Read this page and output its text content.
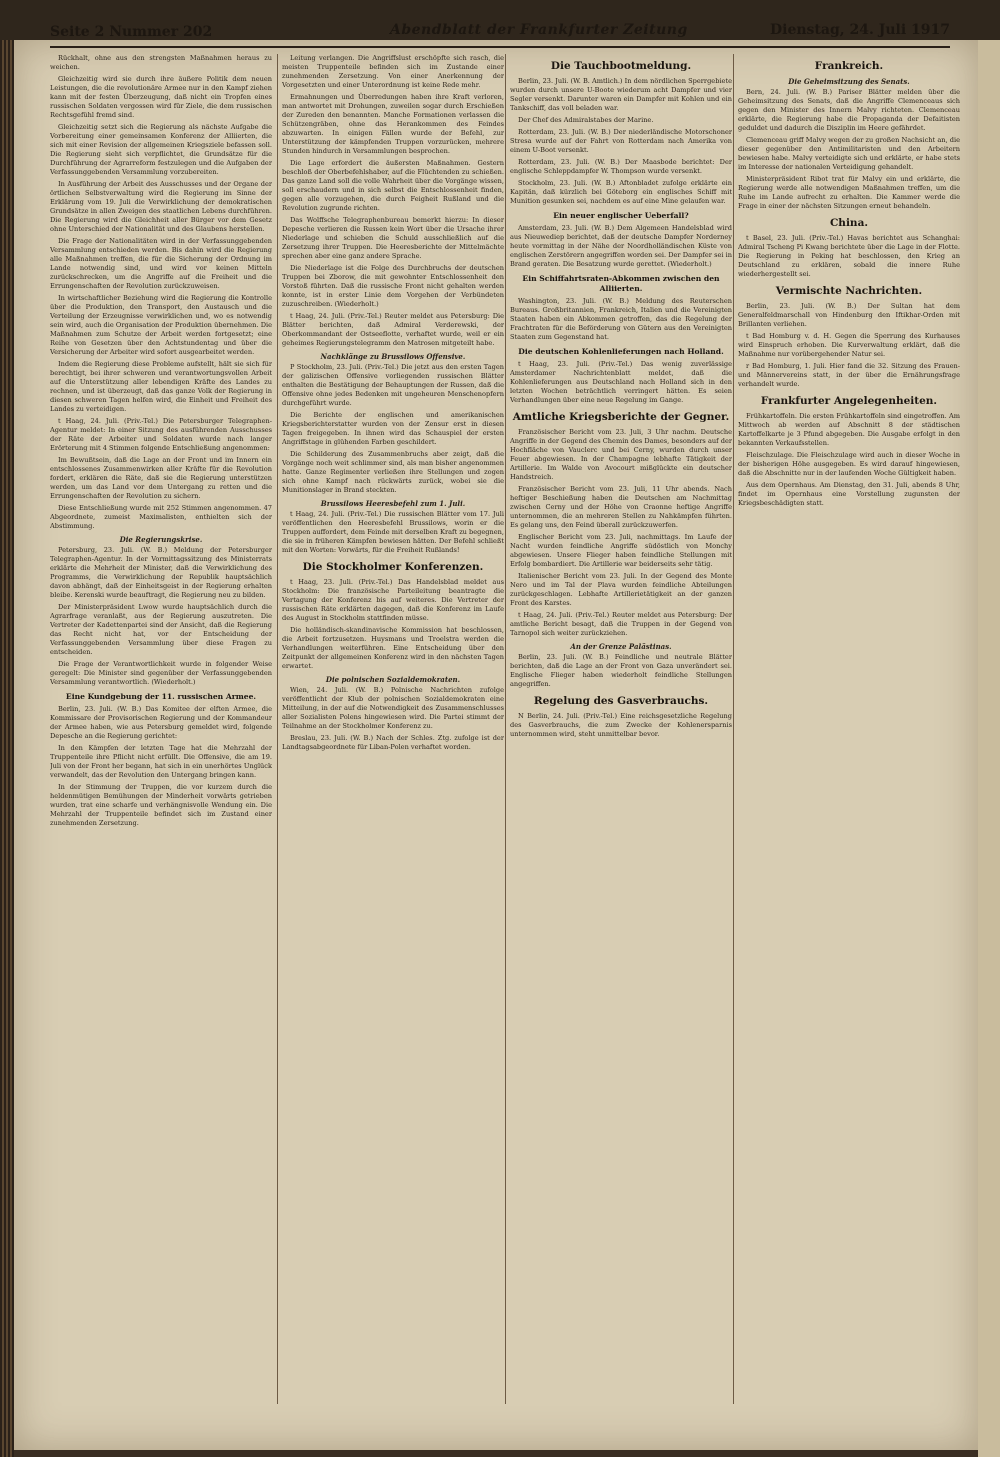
Seite 2 Nummer 202	Abendblatt der Frankfurter Zeitung	Dienstag, 24. Juli 1917

Rückhalt, ohne aus den strengsten Maßnahmen heraus zu weichen.

Gleichzeitig wird sie durch ihre äußere Politik dem neuen Leistungen, die die revolutionäre Armee nur in den Kampf ziehen kann mit der festen Überzeugung, daß nicht ein Tropfen eines russischen Soldaten vergossen wird für Ziele, die dem russischen Rechtsgefühl fremd sind.

Gleichzeitig setzt sich die Regierung als nächste Aufgabe die Vorbereitung einer gemeinsamen Konferenz der Alliierten, die sich mit einer Revision der allgemeinen Kriegsziele befassen soll. Die Regierung sieht sich verpflichtet, die Grundsätze für die Durchführung der Agrarreform festzulegen und die Aufgaben der Verfassunggebenden Versammlung vorzubereiten.

In Ausführung der Arbeit des Ausschusses und der Organe der örtlichen Selbstverwaltung wird die Regierung im Sinne der Erklärung vom 19. Juli die Verwirklichung der demokratischen Grundsätze in allen Zweigen des staatlichen Lebens durchführen. Die Regierung wird die Gleichheit aller Bürger vor dem Gesetz ohne Unterschied der Nationalität und des Glaubens herstellen.

Die Frage der Nationalitäten wird in der Verfassunggebenden Versammlung entschieden werden. Bis dahin wird die Regierung alle Maßnahmen treffen, die für die Sicherung der Ordnung im Lande notwendig sind, und wird vor keinen Mitteln zurückschrecken, um die Angriffe auf die Freiheit und die Errungenschaften der Revolution zurückzuweisen.

In wirtschaftlicher Beziehung wird die Regierung die Kontrolle über die Produktion, den Transport, den Austausch und die Verteilung der Erzeugnisse verwirklichen und, wo es notwendig sein wird, auch die Organisation der Produktion übernehmen. Die Maßnahmen zum Schutze der Arbeit werden fortgesetzt; eine Reihe von Gesetzen über den Achtstundentag und über die Versicherung der Arbeiter wird sofort ausgearbeitet werden.

Indem die Regierung diese Probleme aufstellt, hält sie sich für berechtigt, bei ihrer schweren und verantwortungsvollen Arbeit auf die Unterstützung aller lebendigen Kräfte des Landes zu rechnen, und ist überzeugt, daß das ganze Volk der Regierung in diesen schweren Tagen helfen wird, die Einheit und Freiheit des Landes zu verteidigen.

t Haag, 24. Juli. (Priv.-Tel.) Die Petersburger Telegraphen-Agentur meldet: In einer Sitzung des ausführenden Ausschusses der Räte der Arbeiter und Soldaten wurde nach langer Erörterung mit 4 Stimmen folgende Entschließung angenommen:

Im Bewußtsein, daß die Lage an der Front und im Innern ein entschlossenes Zusammenwirken aller Kräfte für die Revolution fordert, erklären die Räte, daß sie die Regierung unterstützen werden, um das Land vor dem Untergang zu retten und die Errungenschaften der Revolution zu sichern.

Diese Entschließung wurde mit 252 Stimmen angenommen. 47 Abgeordnete, zumeist Maximalisten, enthielten sich der Abstimmung.

Die Regierungskrise.

Petersburg, 23. Juli. (W. B.) Meldung der Petersburger Telegraphen-Agentur. In der Vormittagssitzung des Ministerrats erklärte die Mehrheit der Minister, daß die Verwirklichung des Programms, die Verwirklichung der Republik hauptsächlich davon abhängt, daß der Einheitsgeist in der Regierung erhalten bleibe. Kerenski wurde beauftragt, die Regierung neu zu bilden.

Der Ministerpräsident Lwow wurde hauptsächlich durch die Agrarfrage veranlaßt, aus der Regierung auszutreten. Die Vertreter der Kadettenpartei sind der Ansicht, daß die Regierung das Recht nicht hat, vor der Entscheidung der Verfassunggebenden Versammlung über diese Fragen zu entscheiden.

Die Frage der Verantwortlichkeit wurde in folgender Weise geregelt: Die Minister sind gegenüber der Verfassunggebenden Versammlung verantwortlich. (Wiederholt.)

Eine Kundgebung der 11. russischen Armee.

Berlin, 23. Juli. (W. B.) Das Komitee der elften Armee, die Kommissare der Provisorischen Regierung und der Kommandeur der Armee haben, wie aus Petersburg gemeldet wird, folgende Depesche an die Regierung gerichtet:

In den Kämpfen der letzten Tage hat die Mehrzahl der Truppenteile ihre Pflicht nicht erfüllt. Die Offensive, die am 19. Juli von der Front her begann, hat sich in ein unerhörtes Unglück verwandelt, das der Revolution den Untergang bringen kann.

In der Stimmung der Truppen, die vor kurzem durch die heldenmütigen Bemühungen der Minderheit vorwärts getrieben wurden, trat eine scharfe und verhängnisvolle Wendung ein. Die Mehrzahl der Truppenteile befindet sich im Zustand einer zunehmenden Zersetzung.

Leitung verlangen. Die Angriffslust erschöpfte sich rasch, die meisten Truppenteile befinden sich im Zustande einer zunehmenden Zersetzung. Von einer Anerkennung der Vorgesetzten und einer Unterordnung ist keine Rede mehr.

Ermahnungen und Überredungen haben ihre Kraft verloren, man antwortet mit Drohungen, zuweilen sogar durch Erschießen der Zureden den benannten. Manche Formationen verlassen die Schützengräben, ohne das Herankommen des Feindes abzuwarten. In einigen Fällen wurde der Befehl, zur Unterstützung der kämpfenden Truppen vorzurücken, mehrere Stunden hindurch in Versammlungen besprochen.

Die Lage erfordert die äußersten Maßnahmen. Gestern beschloß der Oberbefehlshaber, auf die Flüchtenden zu schießen. Das ganze Land soll die volle Wahrheit über die Vorgänge wissen, soll erschaudern und in sich selbst die Entschlossenheit finden, gegen alle vorzugehen, die durch Feigheit Rußland und die Revolution zugrunde richten.

Das Wolffsche Telegraphenbureau bemerkt hierzu: In dieser Depesche verlieren die Russen kein Wort über die Ursache ihrer Niederlage und schieben die Schuld ausschließlich auf die Zersetzung ihrer Truppen. Die Heeresberichte der Mittelmächte sprechen aber eine ganz andere Sprache.

Die Niederlage ist die Folge des Durchbruchs der deutschen Truppen bei Zborow, die mit gewohnter Entschlossenheit den Vorstoß führten. Daß die russische Front nicht gehalten werden konnte, ist in erster Linie dem Vorgehen der Verbündeten zuzuschreiben. (Wiederholt.)

t Haag, 24. Juli. (Priv.-Tel.) Reuter meldet aus Petersburg: Die Blätter berichten, daß Admiral Verderewski, der Oberkommandant der Ostseeflotte, verhaftet wurde, weil er ein geheimes Regierungstelegramm den Matrosen mitgeteilt habe.

Nachklänge zu Brussilows Offensive.

P Stockholm, 23. Juli. (Priv.-Tel.) Die jetzt aus den ersten Tagen der galizischen Offensive vorliegenden russischen Blätter enthalten die Bestätigung der Behauptungen der Russen, daß die Offensive ohne jedes Bedenken mit ungeheuren Menschenopfern durchgeführt wurde.

Die Berichte der englischen und amerikanischen Kriegsberichterstatter wurden von der Zensur erst in diesen Tagen freigegeben. In ihnen wird das Schauspiel der ersten Angriffstage in glühenden Farben geschildert.

Die Schilderung des Zusammenbruchs aber zeigt, daß die Vorgänge noch weit schlimmer sind, als man bisher angenommen hatte. Ganze Regimenter verließen ihre Stellungen und zogen sich ohne Kampf nach rückwärts zurück, wobei sie die Munitionslager in Brand steckten.

Brussilows Heeresbefehl zum 1. Juli.

t Haag, 24. Juli. (Priv.-Tel.) Die russischen Blätter vom 17. Juli veröffentlichen den Heeresbefehl Brussilows, worin er die Truppen auffordert, dem Feinde mit derselben Kraft zu begegnen, die sie in früheren Kämpfen bewiesen hätten. Der Befehl schließt mit den Worten: Vorwärts, für die Freiheit Rußlands!

Die Stockholmer Konferenzen.

t Haag, 23. Juli. (Priv.-Tel.) Das Handelsblad meldet aus Stockholm: Die französische Parteileitung beantragte die Vertagung der Konferenz bis auf weiteres. Die Vertreter der russischen Räte erklärten dagegen, daß die Konferenz im Laufe des August in Stockholm stattfinden müsse.

Die holländisch-skandinavische Kommission hat beschlossen, die Arbeit fortzusetzen. Huysmans und Troelstra werden die Verhandlungen weiterführen. Eine Entscheidung über den Zeitpunkt der allgemeinen Konferenz wird in den nächsten Tagen erwartet.

Die polnischen Sozialdemokraten.

Wien, 24. Juli. (W. B.) Polnische Nachrichten zufolge veröffentlicht der Klub der polnischen Sozialdemokraten eine Mitteilung, in der auf die Notwendigkeit des Zusammenschlusses aller Sozialisten Polens hingewiesen wird. Die Partei stimmt der Teilnahme an der Stockholmer Konferenz zu.

Breslau, 23. Juli. (W. B.) Nach der Schles. Ztg. zufolge ist der Landtagsabgeordnete für Liban-Polen verhaftet worden.

Die Tauchbootmeldung.

Berlin, 23. Juli. (W. B. Amtlich.) In dem nördlichen Sperrgebiete wurden durch unsere U-Boote wiederum acht Dampfer und vier Segler versenkt. Darunter waren ein Dampfer mit Kohlen und ein Tankschiff, das voll beladen war.

Der Chef des Admiralstabes der Marine.

Rotterdam, 23. Juli. (W. B.) Der niederländische Motorschoner Stresa wurde auf der Fahrt von Rotterdam nach Amerika von einem U-Boot versenkt.

Rotterdam, 23. Juli. (W. B.) Der Maasbode berichtet: Der englische Schleppdampfer W. Thompson wurde versenkt.

Stockholm, 23. Juli. (W. B.) Aftonbladet zufolge erklärte ein Kapitän, daß kürzlich bei Göteborg ein englisches Schiff mit Munition gesunken sei, nachdem es auf eine Mine gelaufen war.

Ein neuer englischer Ueberfall?

Amsterdam, 23. Juli. (W. B.) Dem Algemeen Handelsblad wird aus Nieuwediep berichtet, daß der deutsche Dampfer Norderney heute vormittag in der Nähe der Noordholländischen Küste von englischen Zerstörern angegriffen worden sei. Der Dampfer sei in Brand geraten. Die Besatzung wurde gerettet. (Wiederholt.)

Ein Schiffahrtsraten-Abkommen zwischen den Alliierten.

Washington, 23. Juli. (W. B.) Meldung des Reuterschen Bureaus. Großbritannien, Frankreich, Italien und die Vereinigten Staaten haben ein Abkommen getroffen, das die Regelung der Frachtraten für die Beförderung von Gütern aus den Vereinigten Staaten zum Gegenstand hat.

Die deutschen Kohlenlieferungen nach Holland.

t Haag, 23. Juli. (Priv.-Tel.) Das wenig zuverlässige Amsterdamer Nachrichtenblatt meldet, daß die Kohlenlieferungen aus Deutschland nach Holland sich in den letzten Wochen beträchtlich verringert hätten. Es seien Verhandlungen über eine neue Regelung im Gange.

Amtliche Kriegsberichte der Gegner.

Französischer Bericht vom 23. Juli, 3 Uhr nachm. Deutsche Angriffe in der Gegend des Chemin des Dames, besonders auf der Hochfläche von Vauclerc und bei Cerny, wurden durch unser Feuer abgewiesen. In der Champagne lebhafte Tätigkeit der Artillerie. Im Walde von Avocourt mißglückte ein deutscher Handstreich.

Französischer Bericht vom 23. Juli, 11 Uhr abends. Nach heftiger Beschießung haben die Deutschen am Nachmittag zwischen Cerny und der Höhe von Craonne heftige Angriffe unternommen, die an mehreren Stellen zu Nahkämpfen führten. Es gelang uns, den Feind überall zurückzuwerfen.

Englischer Bericht vom 23. Juli, nachmittags. Im Laufe der Nacht wurden feindliche Angriffe südöstlich von Monchy abgewiesen. Unsere Flieger haben feindliche Stellungen mit Erfolg bombardiert. Die Artillerie war beiderseits sehr tätig.

Italienischer Bericht vom 23. Juli. In der Gegend des Monte Nero und im Tal der Plava wurden feindliche Abteilungen zurückgeschlagen. Lebhafte Artillerietätigkeit an der ganzen Front des Karstes.

t Haag, 24. Juli. (Priv.-Tel.) Reuter meldet aus Petersburg: Der amtliche Bericht besagt, daß die Truppen in der Gegend von Tarnopol sich weiter zurückziehen.

An der Grenze Palästinas.

Berlin, 23. Juli. (W. B.) Feindliche und neutrale Blätter berichten, daß die Lage an der Front von Gaza unverändert sei. Englische Flieger haben wiederholt feindliche Stellungen angegriffen.

Regelung des Gasverbrauchs.

N Berlin, 24. Juli. (Priv.-Tel.) Eine reichsgesetzliche Regelung des Gasverbrauchs, die zum Zwecke der Kohlenersparnis unternommen wird, steht unmittelbar bevor.

Frankreich.
Die Geheimsitzung des Senats.

Bern, 24. Juli. (W. B.) Pariser Blätter melden über die Geheimsitzung des Senats, daß die Angriffe Clemenceaus sich gegen den Minister des Innern Malvy richteten. Clemenceau erklärte, die Regierung habe die Propaganda der Defaitisten geduldet und dadurch die Disziplin im Heere gefährdet.

Clemenceau griff Malvy wegen der zu großen Nachsicht an, die dieser gegenüber den Antimilitaristen und den Arbeitern bewiesen habe. Malvy verteidigte sich und erklärte, er habe stets im Interesse der nationalen Verteidigung gehandelt.

Ministerpräsident Ribot trat für Malvy ein und erklärte, die Regierung werde alle notwendigen Maßnahmen treffen, um die Ruhe im Lande aufrecht zu erhalten. Die Kammer werde die Frage in einer der nächsten Sitzungen erneut behandeln.

China.

t Basel, 23. Juli. (Priv.-Tel.) Havas berichtet aus Schanghai: Admiral Tscheng Pi Kwang berichtete über die Lage in der Flotte. Die Regierung in Peking hat beschlossen, den Krieg an Deutschland zu erklären, sobald die innere Ruhe wiederhergestellt sei.

Vermischte Nachrichten.

Berlin, 23. Juli. (W. B.) Der Sultan hat dem Generalfeldmarschall von Hindenburg den Iftikhar-Orden mit Brillanten verliehen.

t Bad Homburg v. d. H. Gegen die Sperrung des Kurhauses wird Einspruch erhoben. Die Kurverwaltung erklärt, daß die Maßnahme nur vorübergehender Natur sei.

r Bad Homburg, 1. Juli. Hier fand die 32. Sitzung des Frauen- und Männervereins statt, in der über die Ernährungsfrage verhandelt wurde.

Frankfurter Angelegenheiten.

Frühkartoffeln. Die ersten Frühkartoffeln sind eingetroffen. Am Mittwoch ab werden auf Abschnitt 8 der städtischen Kartoffelkarte je 3 Pfund abgegeben. Die Ausgabe erfolgt in den bekannten Verkaufsstellen.

Fleischzulage. Die Fleischzulage wird auch in dieser Woche in der bisherigen Höhe ausgegeben. Es wird darauf hingewiesen, daß die Abschnitte nur in der laufenden Woche Gültigkeit haben.

Aus dem Opernhaus. Am Dienstag, den 31. Juli, abends 8 Uhr, findet im Opernhaus eine Vorstellung zugunsten der Kriegsbeschädigten statt.
